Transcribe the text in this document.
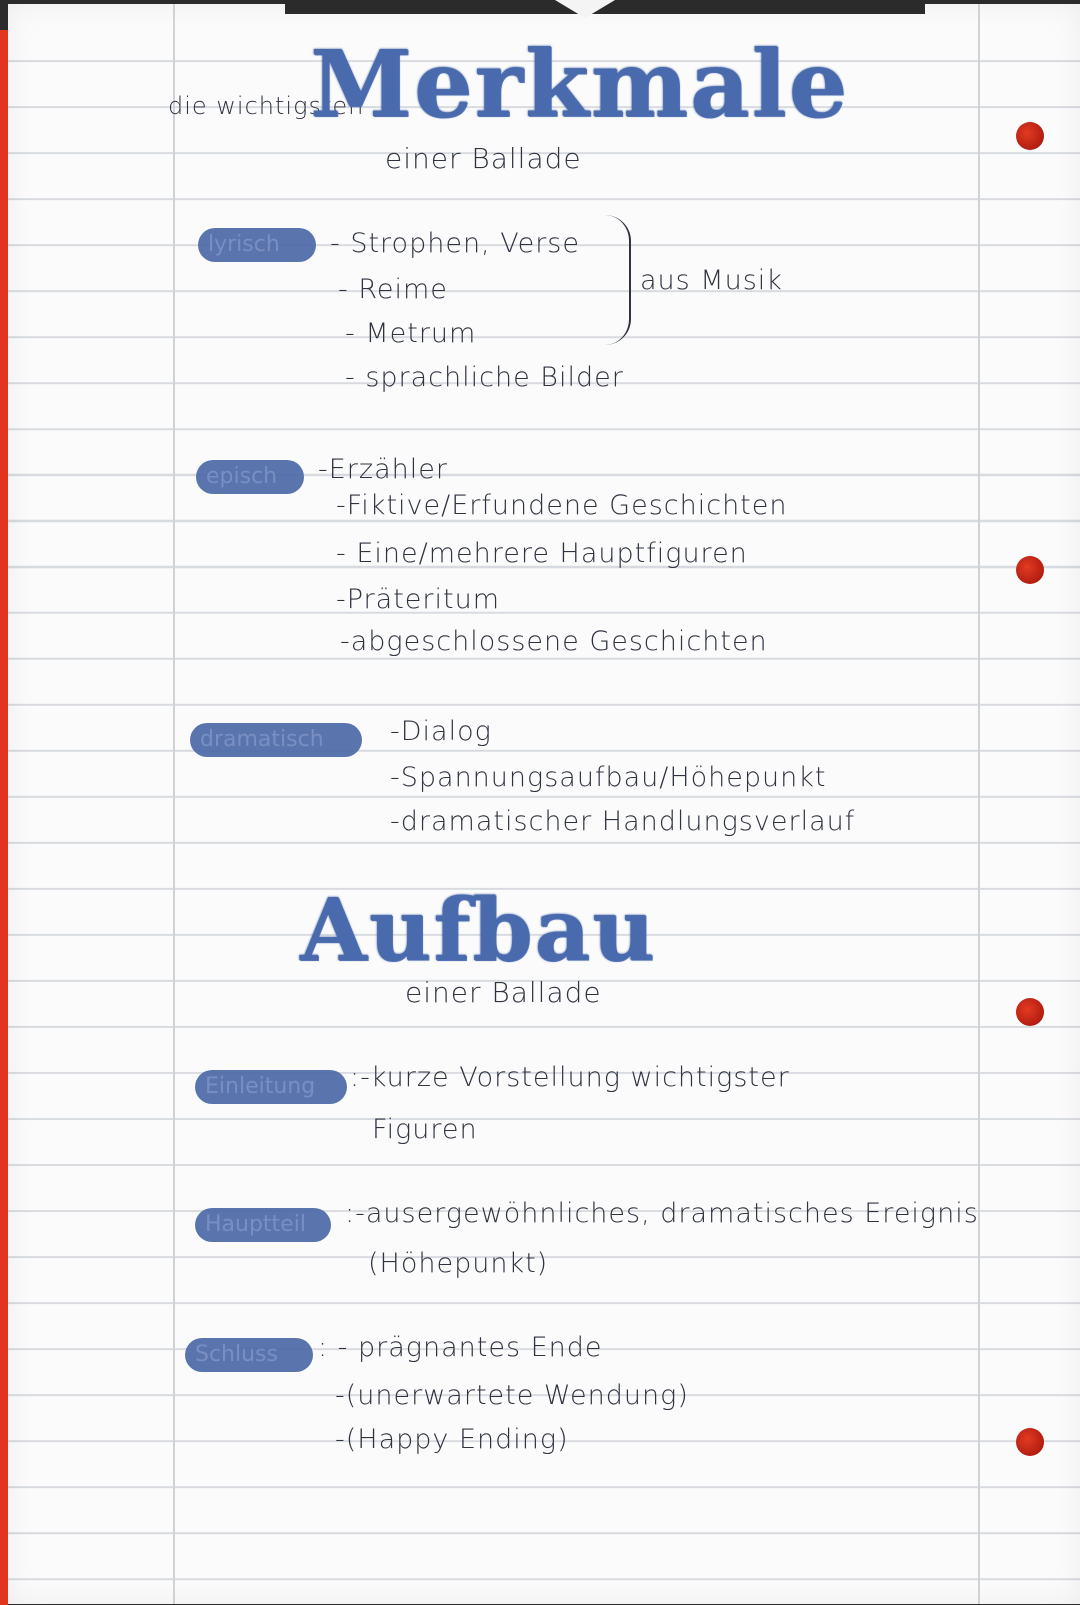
die wichtigsten
Merkmale
einer Ballade
lyrisch	- Strophen, Verse
- Reime
- Metrum
- sprachliche Bilder
aus Musik
episch	-Erzähler
-Fiktive/Erfundene Geschichten
- Eine/mehrere Hauptfiguren
-Präteritum
-abgeschlossene Geschichten
dramatisch	-Dialog
-Spannungsaufbau/Höhepunkt
-dramatischer Handlungsverlauf
Aufbau
einer Ballade
Einleitung	:-kurze Vorstellung wichtigster
Figuren
Hauptteil	:-ausergewöhnliches, dramatisches Ereignis
(Höhepunkt)
Schluss	: - prägnantes Ende
-(unerwartete Wendung)
-(Happy Ending)
